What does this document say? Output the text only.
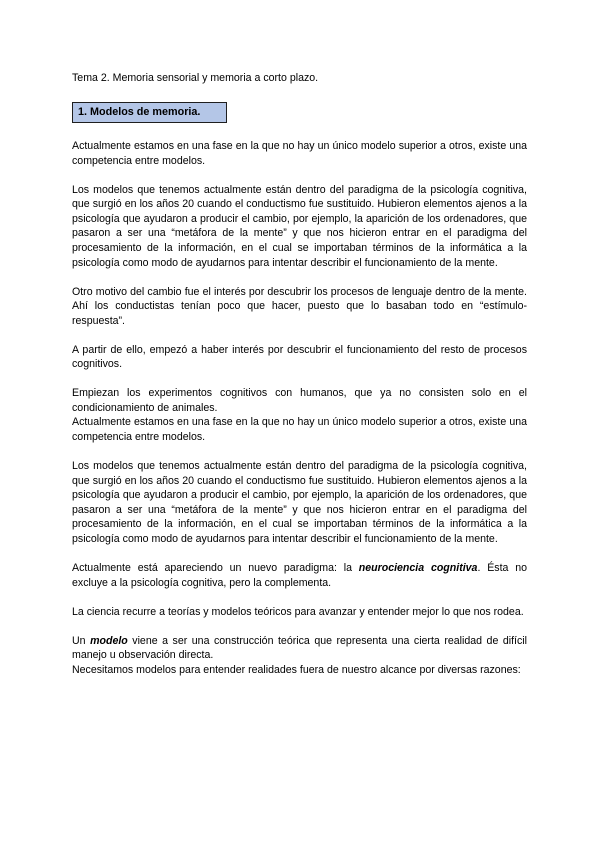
Tema 2. Memoria sensorial y memoria a corto plazo.
1. Modelos de memoria.

Actualmente estamos en una fase en la que no hay un único modelo superior a otros, existe una competencia entre modelos.

Los modelos que tenemos actualmente están dentro del paradigma de la psicología cognitiva, que surgió en los años 20 cuando el conductismo fue sustituido. Hubieron elementos ajenos a la psicología que ayudaron a producir el cambio, por ejemplo, la aparición de los ordenadores, que pasaron a ser una “metáfora de la mente” y que nos hicieron entrar en el paradigma del procesamiento de la información, en el cual se importaban términos de la informática a la psicología como modo de ayudarnos para intentar describir el funcionamiento de la mente.

Otro motivo del cambio fue el interés por descubrir los procesos de lenguaje dentro de la mente. Ahí los conductistas tenían poco que hacer, puesto que lo basaban todo en “estímulo-respuesta”.

A partir de ello, empezó a haber interés por descubrir el funcionamiento del resto de procesos cognitivos.

Empiezan los experimentos cognitivos con humanos, que ya no consisten solo en el condicionamiento de animales.

Actualmente estamos en una fase en la que no hay un único modelo superior a otros, existe una competencia entre modelos.

Los modelos que tenemos actualmente están dentro del paradigma de la psicología cognitiva, que surgió en los años 20 cuando el conductismo fue sustituido. Hubieron elementos ajenos a la psicología que ayudaron a producir el cambio, por ejemplo, la aparición de los ordenadores, que pasaron a ser una “metáfora de la mente” y que nos hicieron entrar en el paradigma del procesamiento de la información, en el cual se importaban términos de la informática a la psicología como modo de ayudarnos para intentar describir el funcionamiento de la mente.

Actualmente está apareciendo un nuevo paradigma: la neurociencia cognitiva. Ésta no excluye a la psicología cognitiva, pero la complementa.

La ciencia recurre a teorías y modelos teóricos para avanzar y entender mejor lo que nos rodea.

Un modelo viene a ser una construcción teórica que representa una cierta realidad de difícil manejo u observación directa.

Necesitamos modelos para entender realidades fuera de nuestro alcance por diversas razones:
